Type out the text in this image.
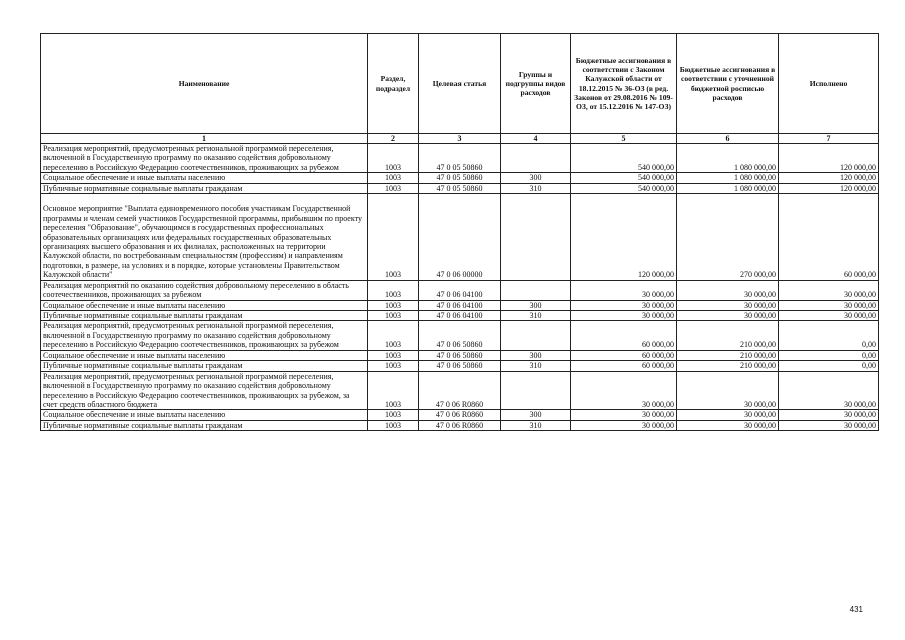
Наименование	Раздел, подраздел	Целевая статья	Группы и подгруппы видов расходов	Бюджетные ассигнования в соответствии с Законом Калужской области от 18.12.2015 № 36-ОЗ (в ред. Законов от 29.08.2016 № 109-ОЗ, от 15.12.2016 № 147-ОЗ)	Бюджетные ассигнования в соответствии с уточненной бюджетной росписью расходов	Исполнено
1	2	3	4	5	6	7
Реализация мероприятий, предусмотренных региональной программой переселения, включенной в Государственную программу по оказанию содействия добровольному переселению в Российскую Федерацию соотечественников, проживающих за рубежом	1003	47 0 05 50860		540 000,00	1 080 000,00	120 000,00
Социальное обеспечение и иные выплаты населению	1003	47 0 05 50860	300	540 000,00	1 080 000,00	120 000,00
Публичные нормативные социальные выплаты гражданам	1003	47 0 05 50860	310	540 000,00	1 080 000,00	120 000,00
Основное мероприятие "Выплата единовременного пособия участникам Государственной программы и членам семей участников Государственной программы, прибывшим по проекту переселения "Образование", обучающимся в государственных профессиональных образовательных организациях или федеральных государственных образовательных организациях высшего образования и их филиалах, расположенных на территории Калужской области, по востребованным специальностям (профессиям) и направлениям подготовки, в размере, на условиях и в порядке, которые установлены Правительством Калужской области"	1003	47 0 06 00000		120 000,00	270 000,00	60 000,00
Реализация мероприятий по оказанию содействия добровольному переселению в область соотечественников, проживающих за рубежом	1003	47 0 06 04100		30 000,00	30 000,00	30 000,00
Социальное обеспечение и иные выплаты населению	1003	47 0 06 04100	300	30 000,00	30 000,00	30 000,00
Публичные нормативные социальные выплаты гражданам	1003	47 0 06 04100	310	30 000,00	30 000,00	30 000,00
Реализация мероприятий, предусмотренных региональной программой переселения, включенной в Государственную программу по оказанию содействия добровольному переселению в Российскую Федерацию соотечественников, проживающих за рубежом	1003	47 0 06 50860		60 000,00	210 000,00	0,00
Социальное обеспечение и иные выплаты населению	1003	47 0 06 50860	300	60 000,00	210 000,00	0,00
Публичные нормативные социальные выплаты гражданам	1003	47 0 06 50860	310	60 000,00	210 000,00	0,00
Реализация мероприятий, предусмотренных региональной программой переселения, включенной в Государственную программу по оказанию содействия добровольному переселению в Российскую Федерацию соотечественников, проживающих за рубежом, за счет средств областного бюджета	1003	47 0 06 R0860		30 000,00	30 000,00	30 000,00
Социальное обеспечение и иные выплаты населению	1003	47 0 06 R0860	300	30 000,00	30 000,00	30 000,00
Публичные нормативные социальные выплаты гражданам	1003	47 0 06 R0860	310	30 000,00	30 000,00	30 000,00
431
